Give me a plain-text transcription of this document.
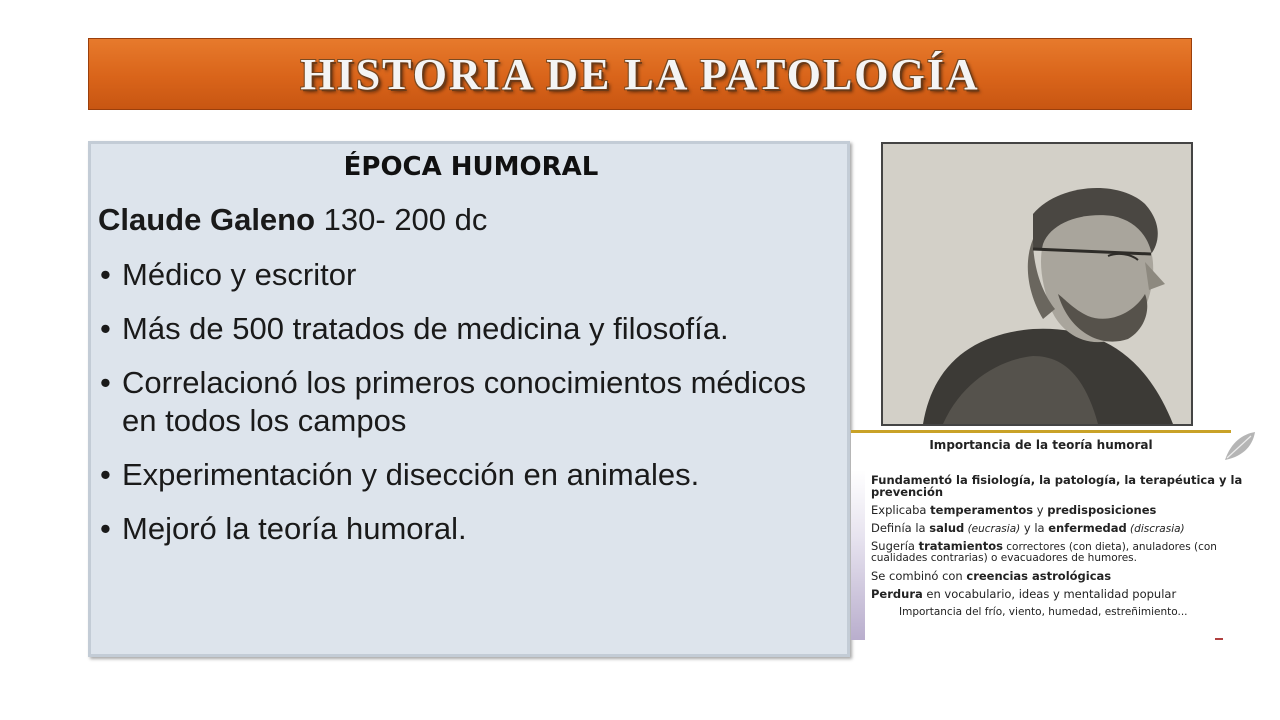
HISTORIA DE LA PATOLOGÍA
ÉPOCA HUMORAL
Claude Galeno 130- 200 dc
• Médico y escritor
• Más de 500 tratados de medicina y filosofía.
• Correlacionó los primeros conocimientos médicos en todos los campos
• Experimentación y disección en animales.
• Mejoró la teoría humoral.
Importancia de la teoría humoral
Fundamentó la fisiología, la patología, la terapéutica y la prevención
Explicaba temperamentos y predisposiciones
Definía la salud (eucrasia) y la enfermedad (discrasia)
Sugería tratamientos correctores (con dieta), anuladores (con cualidades contrarias) o evacuadores de humores.
Se combinó con creencias astrológicas
Perdura en vocabulario, ideas y mentalidad popular
Importancia del frío, viento, humedad, estreñimiento...
